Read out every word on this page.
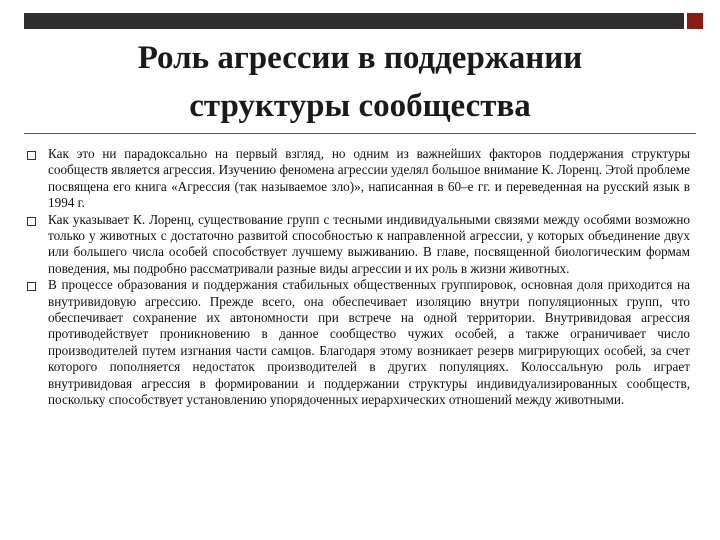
Роль агрессии в поддержании
структуры сообщества
Как это ни парадоксально на первый взгляд, но одним из важнейших факторов поддержания структуры сообществ является агрессия. Изучению феномена агрессии уделял большое внимание К. Лоренц. Этой проблеме посвящена его книга «Агрессия (так называемое зло)», написанная в 60–е гг. и переведенная на русский язык в 1994 г.
Как указывает К. Лоренц, существование групп с тесными индивидуальными связями между особями возможно только у животных с достаточно развитой способностью к направленной агрессии, у которых объединение двух или большего числа особей способствует лучшему выживанию. В главе, посвященной биологическим формам поведения, мы подробно рассматривали разные виды агрессии и их роль в жизни животных.
В процессе образования и поддержания стабильных общественных группировок, основная доля приходится на внутривидовую агрессию. Прежде всего, она обеспечивает изоляцию внутри популяционных групп, что обеспечивает сохранение их автономности при встрече на одной территории. Внутривидовая агрессия противодействует проникновению в данное сообщество чужих особей, а также ограничивает число производителей путем изгнания части самцов. Благодаря этому возникает резерв мигрирующих особей, за счет которого пополняется недостаток производителей в других популяциях. Колоссальную роль играет внутривидовая агрессия в формировании и поддержании структуры индивидуализированных сообществ, поскольку способствует установлению упорядоченных иерархических отношений между животными.
